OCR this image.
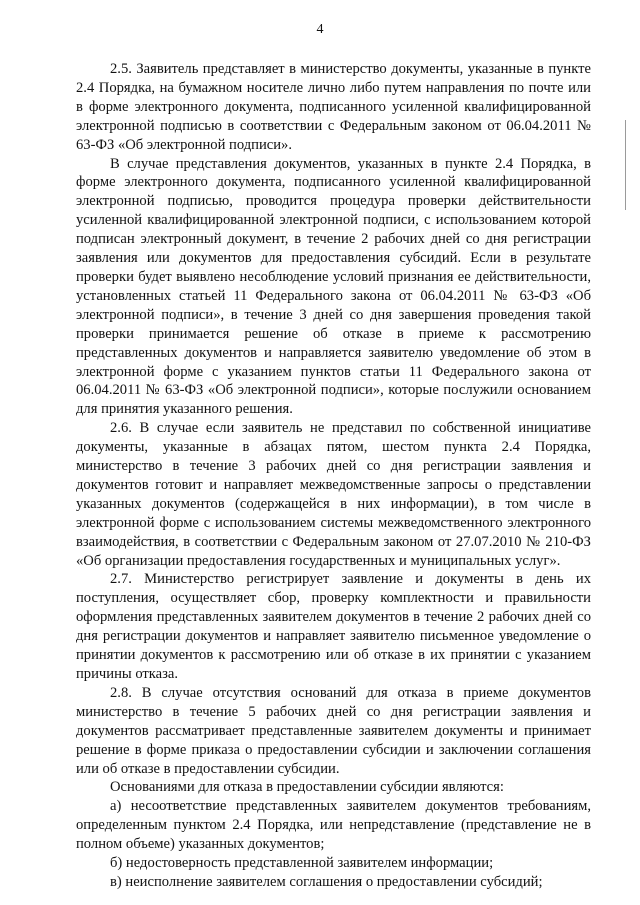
4

2.5. Заявитель представляет в министерство документы, указанные в пункте 2.4 Порядка, на бумажном носителе лично либо путем направления по почте или в форме электронного документа, подписанного усиленной квалифицированной электронной подписью в соответствии с Федеральным законом от 06.04.2011 № 63-ФЗ «Об электронной подписи».

В случае представления документов, указанных в пункте 2.4 Порядка, в форме электронного документа, подписанного усиленной квалифицированной электронной подписью, проводится процедура проверки действительности усиленной квалифицированной электронной подписи, с использованием которой подписан электронный документ, в течение 2 рабочих дней со дня регистрации заявления или документов для предоставления субсидий. Если в результате проверки будет выявлено несоблюдение условий признания ее действительности, установленных статьей 11 Федерального закона от 06.04.2011 № 63-ФЗ «Об электронной подписи», в течение 3 дней со дня завершения проведения такой проверки принимается решение об отказе в приеме к рассмотрению представленных документов и направляется заявителю уведомление об этом в электронной форме с указанием пунктов статьи 11 Федерального закона от 06.04.2011 № 63-ФЗ «Об электронной подписи», которые послужили основанием для принятия указанного решения.

2.6. В случае если заявитель не представил по собственной инициативе документы, указанные в абзацах пятом, шестом пункта 2.4 Порядка, министерство в течение 3 рабочих дней со дня регистрации заявления и документов готовит и направляет межведомственные запросы о представлении указанных документов (содержащейся в них информации), в том числе в электронной форме с использованием системы межведомственного электронного взаимодействия, в соответствии с Федеральным законом от 27.07.2010 № 210-ФЗ «Об организации предоставления государственных и муниципальных услуг».

2.7. Министерство регистрирует заявление и документы в день их поступления, осуществляет сбор, проверку комплектности и правильности оформления представленных заявителем документов в течение 2 рабочих дней со дня регистрации документов и направляет заявителю письменное уведомление о принятии документов к рассмотрению или об отказе в их принятии с указанием причины отказа.

2.8. В случае отсутствия оснований для отказа в приеме документов министерство в течение 5 рабочих дней со дня регистрации заявления и документов рассматривает представленные заявителем документы и принимает решение в форме приказа о предоставлении субсидии и заключении соглашения или об отказе в предоставлении субсидии.

Основаниями для отказа в предоставлении субсидии являются:

а) несоответствие представленных заявителем документов требованиям, определенным пунктом 2.4 Порядка, или непредставление (представление не в полном объеме) указанных документов;

б) недостоверность представленной заявителем информации;

в) неисполнение заявителем соглашения о предоставлении субсидий;
